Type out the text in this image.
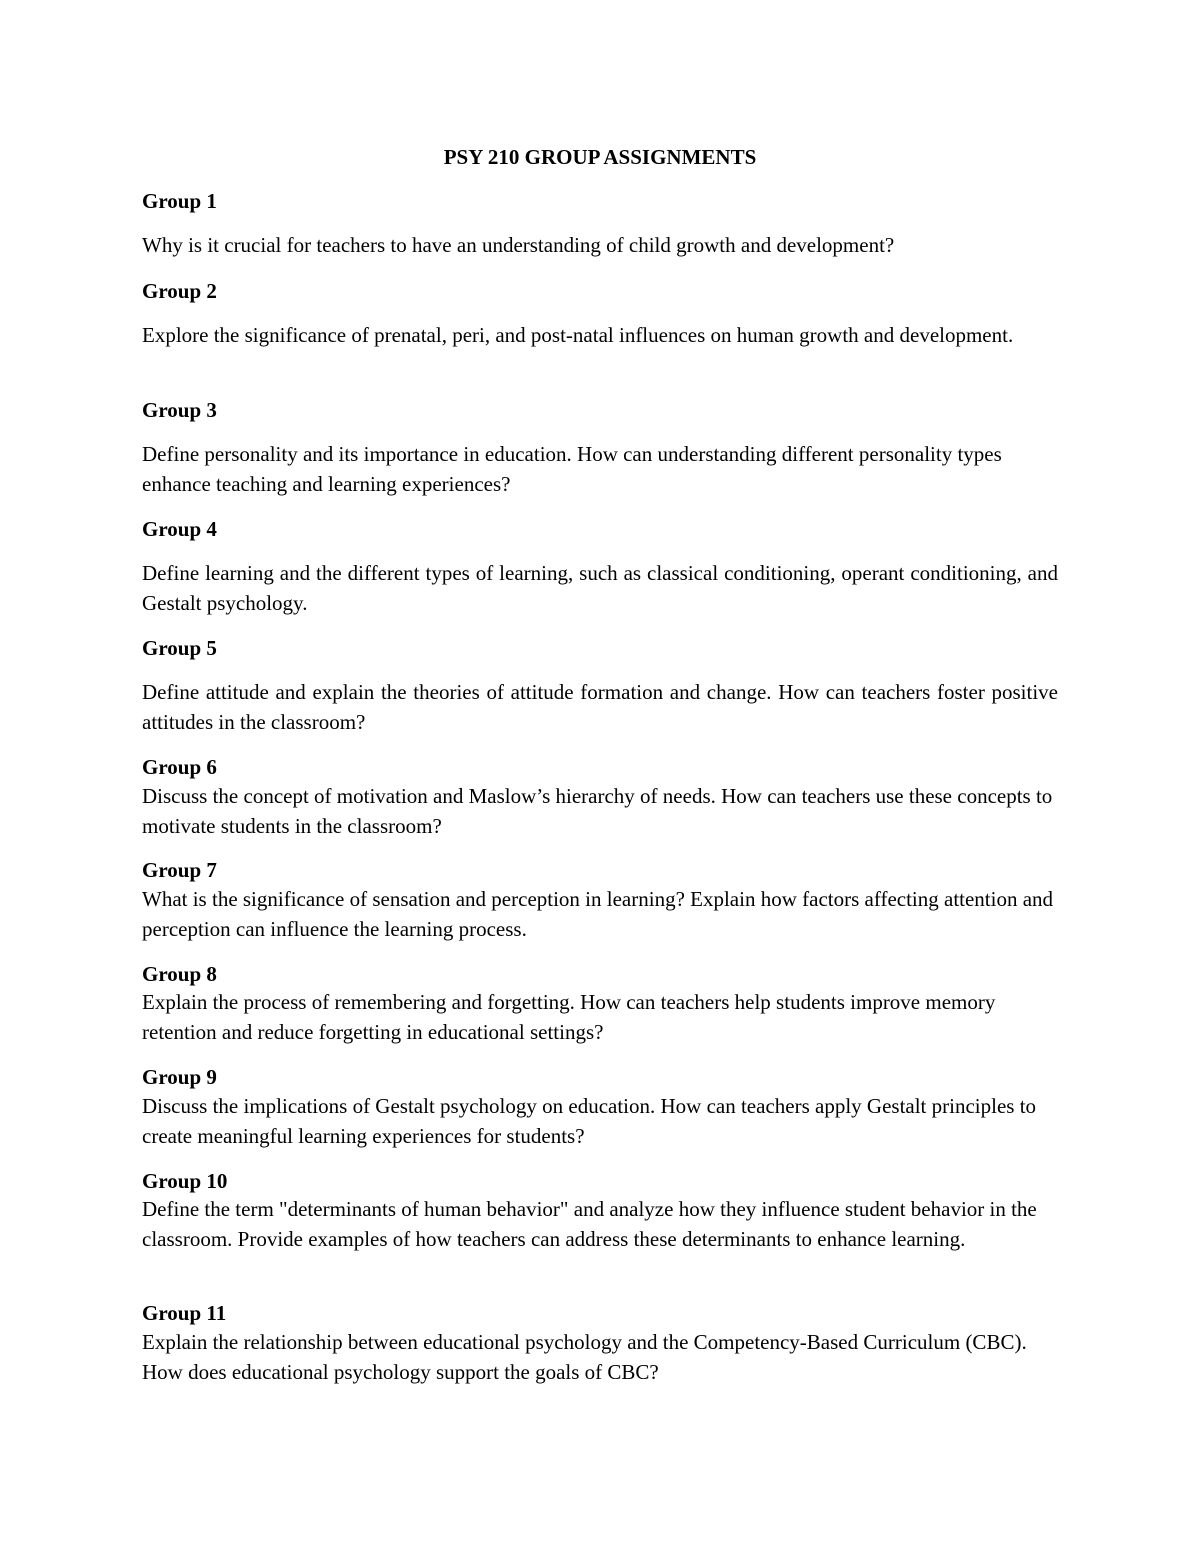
PSY 210 GROUP ASSIGNMENTS
Group 1

Why is it crucial for teachers to have an understanding of child growth and development?

Group 2

Explore the significance of prenatal, peri, and post-natal influences on human growth and development.

Group 3

Define personality and its importance in education. How can understanding different personality types enhance teaching and learning experiences?

Group 4

Define learning and the different types of learning, such as classical conditioning, operant conditioning, and Gestalt psychology.

Group 5

Define attitude and explain the theories of attitude formation and change. How can teachers foster positive attitudes in the classroom?

Group 6

Discuss the concept of motivation and Maslow’s hierarchy of needs. How can teachers use these concepts to motivate students in the classroom?

Group 7

What is the significance of sensation and perception in learning? Explain how factors affecting attention and perception can influence the learning process.

Group 8

Explain the process of remembering and forgetting. How can teachers help students improve memory retention and reduce forgetting in educational settings?

Group 9

Discuss the implications of Gestalt psychology on education. How can teachers apply Gestalt principles to create meaningful learning experiences for students?

Group 10

Define the term "determinants of human behavior" and analyze how they influence student behavior in the classroom. Provide examples of how teachers can address these determinants to enhance learning.

Group 11

Explain the relationship between educational psychology and the Competency-Based Curriculum (CBC). How does educational psychology support the goals of CBC?
